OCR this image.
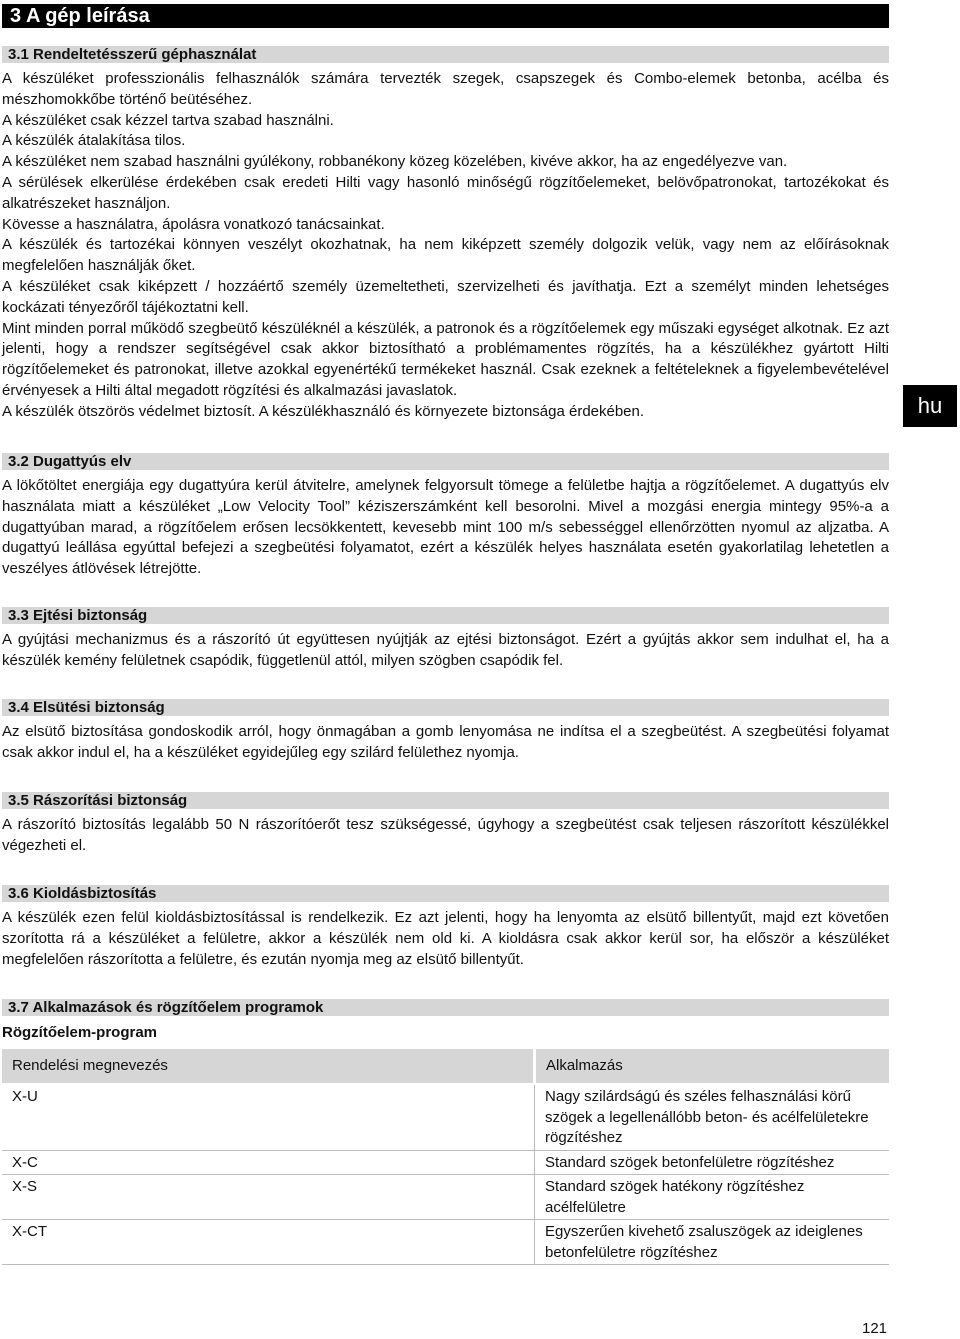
3 A gép leírása
hu
3.1 Rendeltetésszerű géphasználat

A készüléket professzionális felhasználók számára tervezték szegek, csapszegek és Combo-elemek betonba, acélba és mészhomokkőbe történő beütéséhez.

A készüléket csak kézzel tartva szabad használni.

A készülék átalakítása tilos.

A készüléket nem szabad használni gyúlékony, robbanékony közeg közelében, kivéve akkor, ha az engedélyezve van.

A sérülések elkerülése érdekében csak eredeti Hilti vagy hasonló minőségű rögzítőelemeket, belövőpatronokat, tartozékokat és alkatrészeket használjon.

Kövesse a használatra, ápolásra vonatkozó tanácsainkat.

A készülék és tartozékai könnyen veszélyt okozhatnak, ha nem kiképzett személy dolgozik velük, vagy nem az előírásoknak megfelelően használják őket.

A készüléket csak kiképzett / hozzáértő személy üzemeltetheti, szervizelheti és javíthatja. Ezt a személyt minden lehetséges kockázati tényezőről tájékoztatni kell.

Mint minden porral működő szegbeütő készüléknél a készülék, a patronok és a rögzítőelemek egy műszaki egységet alkotnak. Ez azt jelenti, hogy a rendszer segítségével csak akkor biztosítható a problémamentes rögzítés, ha a készülékhez gyártott Hilti rögzítőelemeket és patronokat, illetve azokkal egyenértékű termékeket használ. Csak ezeknek a feltételeknek a figyelembevételével érvényesek a Hilti által megadott rögzítési és alkalmazási javaslatok.

A készülék ötszörös védelmet biztosít. A készülékhasználó és környezete biztonsága érdekében.

3.2 Dugattyús elv

A lökőtöltet energiája egy dugattyúra kerül átvitelre, amelynek felgyorsult tömege a felületbe hajtja a rögzítőelemet. A dugattyús elv használata miatt a készüléket „Low Velocity Tool” kéziszerszámként kell besorolni. Mivel a mozgási energia mintegy 95%-a a dugattyúban marad, a rögzítőelem erősen lecsökkentett, kevesebb mint 100 m/s sebességgel ellenőrzötten nyomul az aljzatba. A dugattyú leállása egyúttal befejezi a szegbeütési folyamatot, ezért a készülék helyes használata esetén gyakorlatilag lehetetlen a veszélyes átlövések létrejötte.

3.3 Ejtési biztonság

A gyújtási mechanizmus és a rászorító út együttesen nyújtják az ejtési biztonságot. Ezért a gyújtás akkor sem indulhat el, ha a készülék kemény felületnek csapódik, függetlenül attól, milyen szögben csapódik fel.

3.4 Elsütési biztonság

Az elsütő biztosítása gondoskodik arról, hogy önmagában a gomb lenyomása ne indítsa el a szegbeütést. A szegbeütési folyamat csak akkor indul el, ha a készüléket egyidejűleg egy szilárd felülethez nyomja.

3.5 Rászorítási biztonság

A rászorító biztosítás legalább 50 N rászorítóerőt tesz szükségessé, úgyhogy a szegbeütést csak teljesen rászorított készülékkel végezheti el.

3.6 Kioldásbiztosítás

A készülék ezen felül kioldásbiztosítással is rendelkezik. Ez azt jelenti, hogy ha lenyomta az elsütő billentyűt, majd ezt követően szorította rá a készüléket a felületre, akkor a készülék nem old ki. A kioldásra csak akkor kerül sor, ha először a készüléket megfelelően rászorította a felületre, és ezután nyomja meg az elsütő billentyűt.

3.7 Alkalmazások és rögzítőelem programok
Rögzítőelem-program
Rendelési megnevezés	Alkalmazás
X-U	Nagy szilárdságú és széles felhasználási körű szögek a legellenállóbb beton- és acélfelületekre rögzítéshez
X-C	Standard szögek betonfelületre rögzítéshez
X-S	Standard szögek hatékony rögzítéshez acélfelületre
X-CT	Egyszerűen kivehető zsaluszögek az ideiglenes betonfelületre rögzítéshez
121
